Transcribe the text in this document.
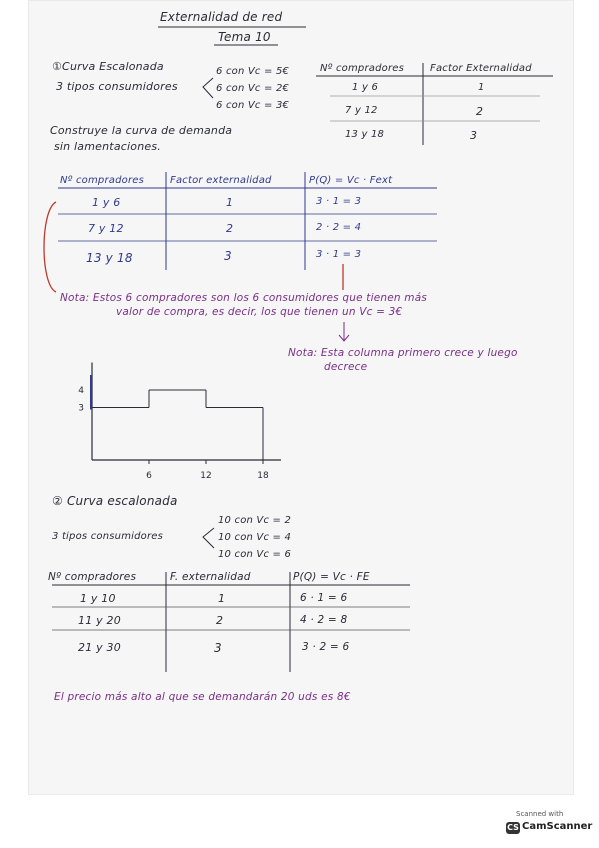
6	12	18
3
4
Externalidad de red
Tema 10
①Curva Escalonada
3 tipos consumidores
6 con Vc = 5€
6 con Vc = 2€
6 con Vc = 3€
Nº compradores	Factor Externalidad
1 y 6	1
7 y 12	2
13 y 18	3
Construye la curva de demanda
sin lamentaciones.
Nº compradores	Factor externalidad	P(Q) = Vc · Fext
1 y 6	1	3 · 1 = 3
7 y 12	2	2 · 2 = 4
13 y 18	3	3 · 1 = 3
Nota: Estos 6 compradores son los 6 consumidores que tienen más
valor de compra, es decir, los que tienen un Vc = 3€
Nota: Esta columna primero crece y luego
decrece
② Curva escalonada
3 tipos consumidores
10 con Vc = 2
10 con Vc = 4
10 con Vc = 6
Nº compradores	F. externalidad	P(Q) = Vc · FE
1 y 10	1	6 · 1 = 6
11 y 20	2	4 · 2 = 8
21 y 30	3	3 · 2 = 6
El precio más alto al que se demandarán 20 uds es 8€
Scanned with
CS CamScanner
